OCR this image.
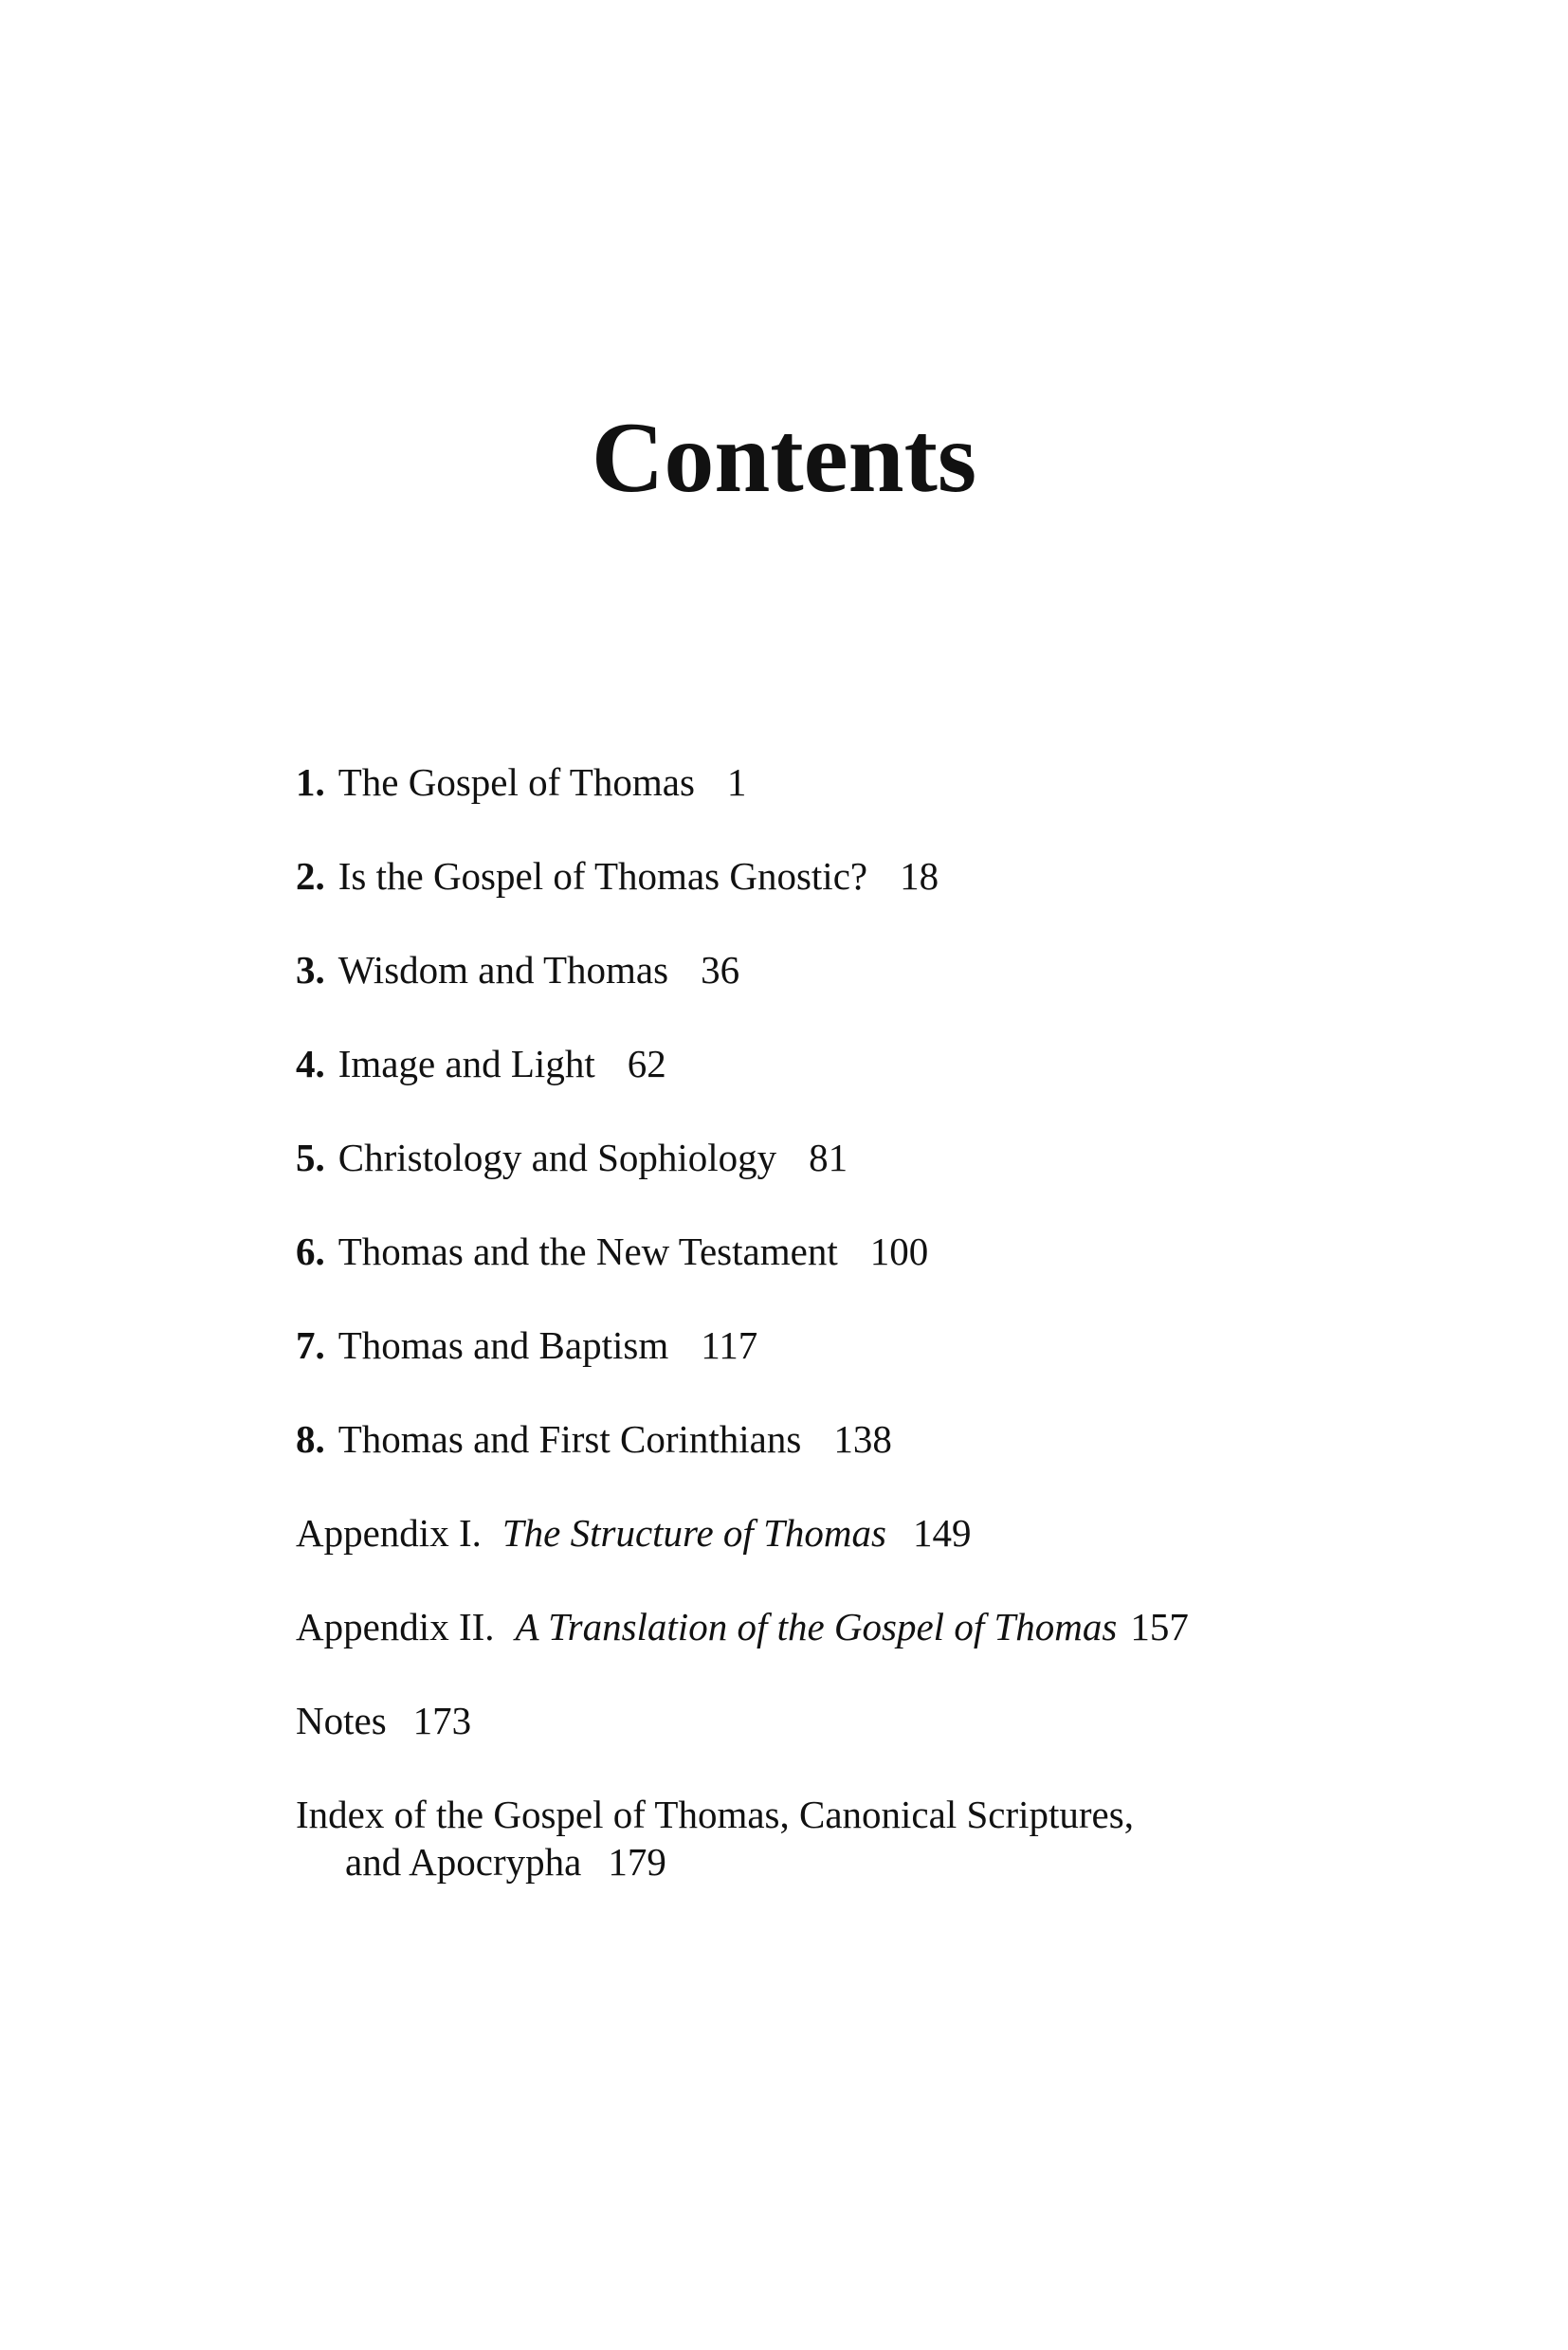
Contents
1. The Gospel of Thomas 1
2. Is the Gospel of Thomas Gnostic? 18
3. Wisdom and Thomas 36
4. Image and Light 62
5. Christology and Sophiology 81
6. Thomas and the New Testament 100
7. Thomas and Baptism 117
8. Thomas and First Corinthians 138
Appendix I. The Structure of Thomas 149
Appendix II. A Translation of the Gospel of Thomas 157
Notes 173
Index of the Gospel of Thomas, Canonical Scriptures,
and Apocrypha 179
